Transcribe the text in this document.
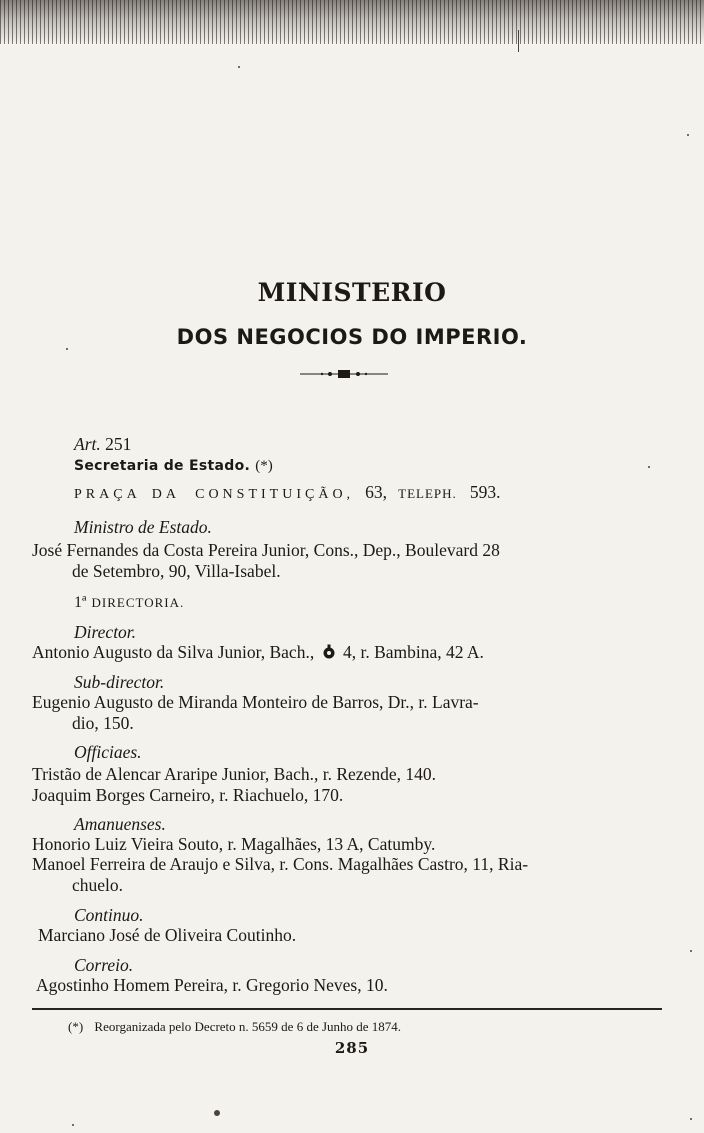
MINISTERIO
DOS NEGOCIOS DO IMPERIO.
Art. 251
Secretaria de Estado. (*)
PRAÇA DA CONSTITUIÇÃO, 63, TELEPH. 593.
Ministro de Estado.
José Fernandes da Costa Pereira Junior, Cons., Dep., Boulevard 28
de Setembro, 90, Villa-Isabel.
1ª DIRECTORIA.
Director.
Antonio Augusto da Silva Junior, Bach., 4, r. Bambina, 42 A.
Sub-director.
Eugenio Augusto de Miranda Monteiro de Barros, Dr., r. Lavra-
dio, 150.
Officiaes.
Tristão de Alencar Araripe Junior, Bach., r. Rezende, 140.
Joaquim Borges Carneiro, r. Riachuelo, 170.
Amanuenses.
Honorio Luiz Vieira Souto, r. Magalhães, 13 A, Catumby.
Manoel Ferreira de Araujo e Silva, r. Cons. Magalhães Castro, 11, Ria-
chuelo.
Continuo.
Marciano José de Oliveira Coutinho.
Correio.
Agostinho Homem Pereira, r. Gregorio Neves, 10.
(*) Reorganizada pelo Decreto n. 5659 de 6 de Junho de 1874.
285
